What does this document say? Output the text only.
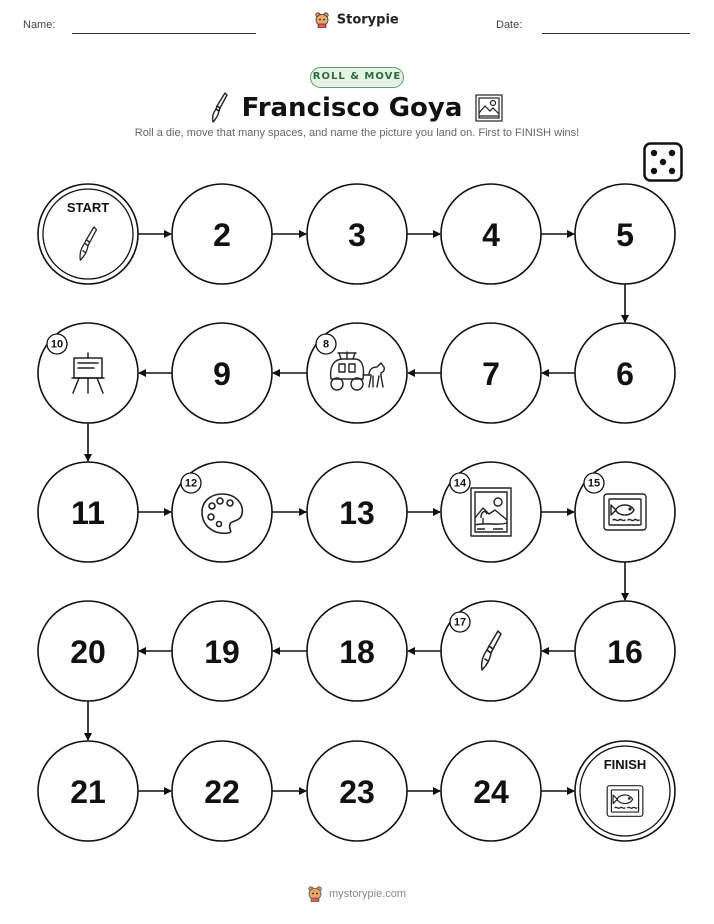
Name:	Storypie	Date:
ROLL & MOVE
Francisco Goya
Roll a die, move that many spaces, and name the picture you land on. First to FINISH wins!
START
2	3	4	5
6
7
8
9
10
11
12
13
14	15
16
17
18
19
20
21	22	23	24
FINISH
mystorypie.com
